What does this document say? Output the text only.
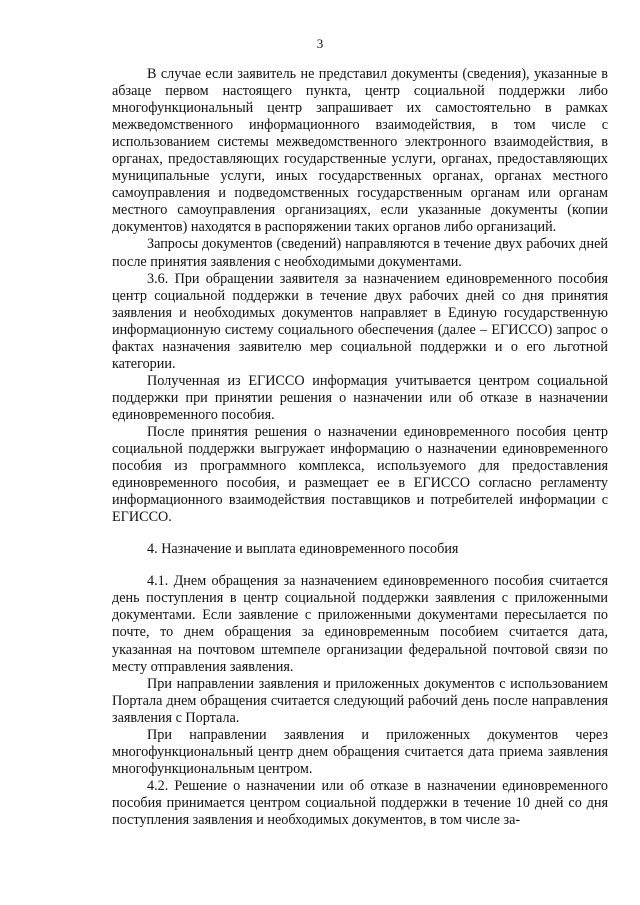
3

В случае если заявитель не представил документы (сведения), указанные в абзаце первом настоящего пункта, центр социальной поддержки либо многофункциональный центр запрашивает их самостоятельно в рамках межведомственного информационного взаимодействия, в том числе с использованием системы межведомственного электронного взаимодействия, в органах, предоставляющих государственные услуги, органах, предоставляющих муниципальные услуги, иных государственных органах, органах местного самоуправления и подведомственных государственным органам или органам местного самоуправления организациях, если указанные документы (копии документов) находятся в распоряжении таких органов либо организаций.

Запросы документов (сведений) направляются в течение двух рабочих дней после принятия заявления с необходимыми документами.

3.6. При обращении заявителя за назначением единовременного пособия центр социальной поддержки в течение двух рабочих дней со дня принятия заявления и необходимых документов направляет в Единую государственную информационную систему социального обеспечения (далее – ЕГИССО) запрос о фактах назначения заявителю мер социальной поддержки и о его льготной категории.

Полученная из ЕГИССО информация учитывается центром социальной поддержки при принятии решения о назначении или об отказе в назначении единовременного пособия.

После принятия решения о назначении единовременного пособия центр социальной поддержки выгружает информацию о назначении единовременного пособия из программного комплекса, используемого для предоставления единовременного пособия, и размещает ее в ЕГИССО согласно регламенту информационного взаимодействия поставщиков и потребителей информации с ЕГИССО.

4. Назначение и выплата единовременного пособия

4.1. Днем обращения за назначением единовременного пособия считается день поступления в центр социальной поддержки заявления с приложенными документами. Если заявление с приложенными документами пересылается по почте, то днем обращения за единовременным пособием считается дата, указанная на почтовом штемпеле организации федеральной почтовой связи по месту отправления заявления.

При направлении заявления и приложенных документов с использованием Портала днем обращения считается следующий рабочий день после направления заявления с Портала.

При направлении заявления и приложенных документов через многофункциональный центр днем обращения считается дата приема заявления многофункциональным центром.

4.2. Решение о назначении или об отказе в назначении единовременного пособия принимается центром социальной поддержки в течение 10 дней со дня поступления заявления и необходимых документов, в том числе за-
